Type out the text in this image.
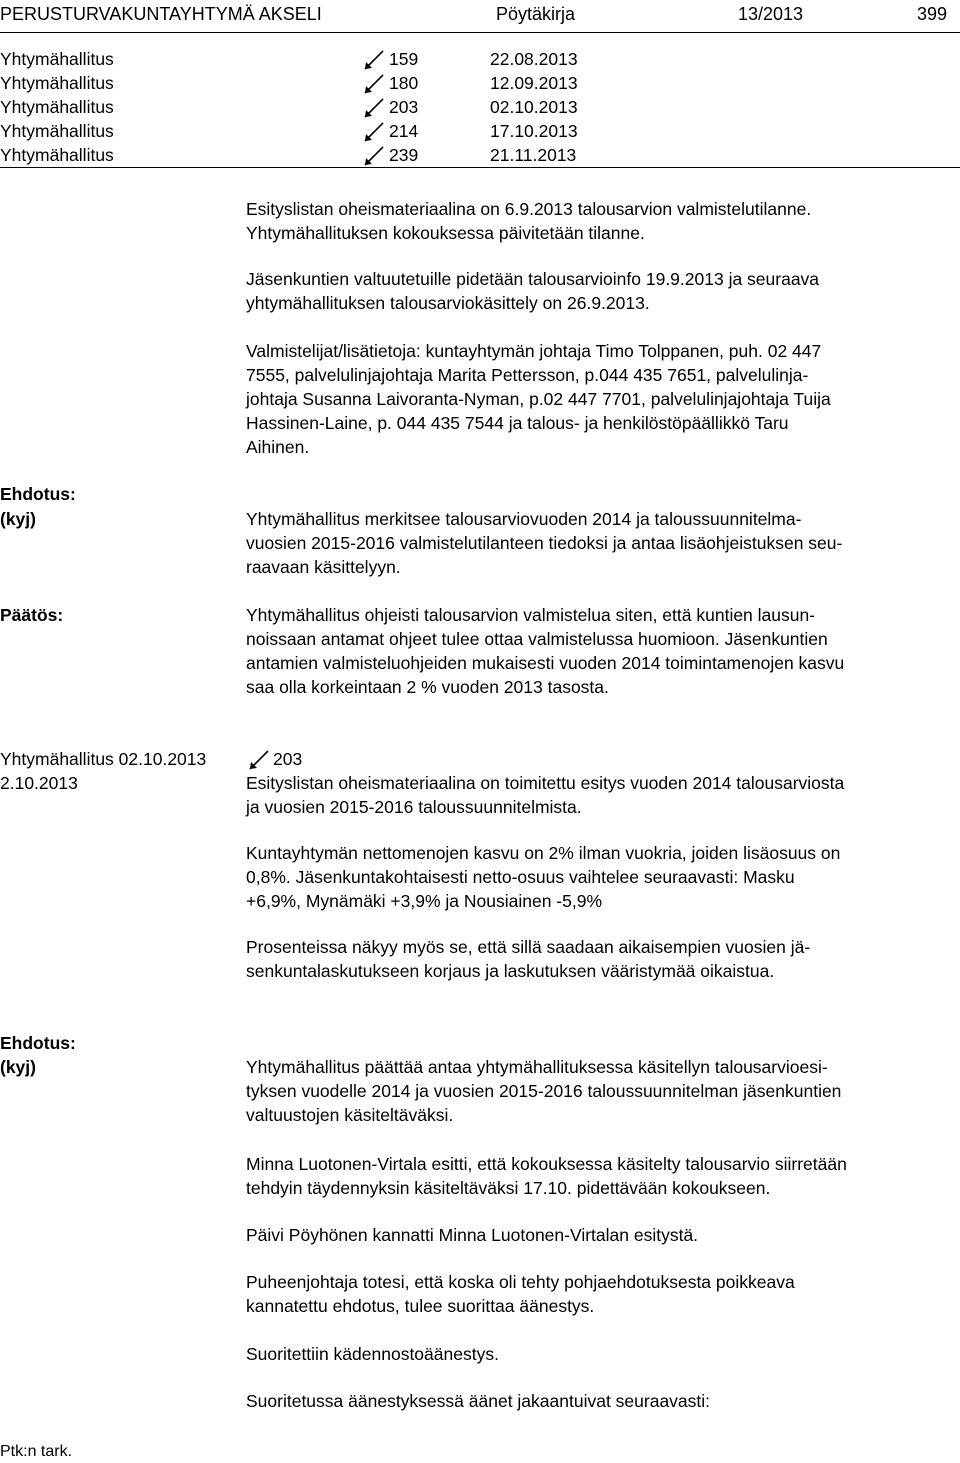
PERUSTURVAKUNTAYHTYMÄ AKSELI	Pöytäkirja	13/2013	399
Yhtymähallitus	159	22.08.2013
Yhtymähallitus	180	12.09.2013
Yhtymähallitus	203	02.10.2013
Yhtymähallitus	214	17.10.2013
Yhtymähallitus	239	21.11.2013
Esityslistan oheismateriaalina on 6.9.2013 talousarvion valmistelutilanne.
Yhtymähallituksen kokouksessa päivitetään tilanne.
Jäsenkuntien valtuutetuille pidetään talousarvioinfo 19.9.2013 ja seuraava
yhtymähallituksen talousarviokäsittely on 26.9.2013.
Valmistelijat/lisätietoja: kuntayhtymän johtaja Timo Tolppanen, puh. 02 447
7555, palvelulinjajohtaja Marita Pettersson, p.044 435 7651, palvelulinja-
johtaja Susanna Laivoranta-Nyman, p.02 447 7701, palvelulinjajohtaja Tuija
Hassinen-Laine, p. 044 435 7544 ja talous- ja henkilöstöpäällikkö Taru
Aihinen.
Ehdotus:
(kyj)	Yhtymähallitus merkitsee talousarviovuoden 2014 ja taloussuunnitelma-
vuosien 2015-2016 valmistelutilanteen tiedoksi ja antaa lisäohjeistuksen seu-
raavaan käsittelyyn.
Päätös:	Yhtymähallitus ohjeisti talousarvion valmistelua siten, että kuntien lausun-
noissaan antamat ohjeet tulee ottaa valmistelussa huomioon. Jäsenkuntien
antamien valmisteluohjeiden mukaisesti vuoden 2014 toimintamenojen kasvu
saa olla korkeintaan 2 % vuoden 2013 tasosta.
Yhtymähallitus 02.10.2013	203
2.10.2013	Esityslistan oheismateriaalina on toimitettu esitys vuoden 2014 talousarviosta
ja vuosien 2015-2016 taloussuunnitelmista.
Kuntayhtymän nettomenojen kasvu on 2% ilman vuokria, joiden lisäosuus on
0,8%. Jäsenkuntakohtaisesti netto-osuus vaihtelee seuraavasti: Masku
+6,9%, Mynämäki +3,9% ja Nousiainen -5,9%
Prosenteissa näkyy myös se, että sillä saadaan aikaisempien vuosien jä-
senkuntalaskutukseen korjaus ja laskutuksen vääristymää oikaistua.
Ehdotus:
(kyj)	Yhtymähallitus päättää antaa yhtymähallituksessa käsitellyn talousarvioesi-
tyksen vuodelle 2014 ja vuosien 2015-2016 taloussuunnitelman jäsenkuntien
valtuustojen käsiteltäväksi.
Minna Luotonen-Virtala esitti, että kokouksessa käsitelty talousarvio siirretään
tehdyin täydennyksin käsiteltäväksi 17.10. pidettävään kokoukseen.
Päivi Pöyhönen kannatti Minna Luotonen-Virtalan esitystä.
Puheenjohtaja totesi, että koska oli tehty pohjaehdotuksesta poikkeava
kannatettu ehdotus, tulee suorittaa äänestys.
Suoritettiin kädennostoäänestys.
Suoritetussa äänestyksessä äänet jakaantuivat seuraavasti:
Ptk:n tark.
